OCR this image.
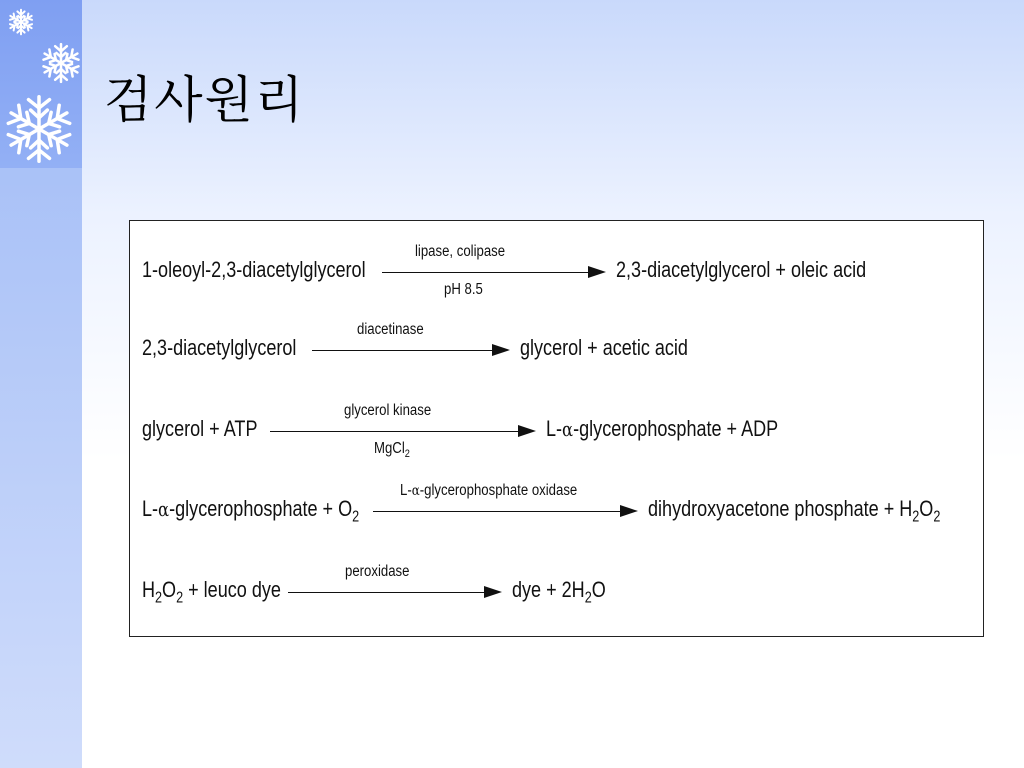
검사원리
1-oleoyl-2,3-diacetylglycerol
lipase, colipase
pH 8.5
2,3-diacetylglycerol + oleic acid
2,3-diacetylglycerol
diacetinase
glycerol + acetic acid
glycerol + ATP
glycerol kinase
MgCl$_2$
L-α-glycerophosphate + ADP
L-α-glycerophosphate + $O_2$
L-α-glycerophosphate oxidase
dihydroxyacetone phosphate + $H_2O_2$
$H_2O_2$ + leuco dye
peroxidase
dye + $2H_2O$
